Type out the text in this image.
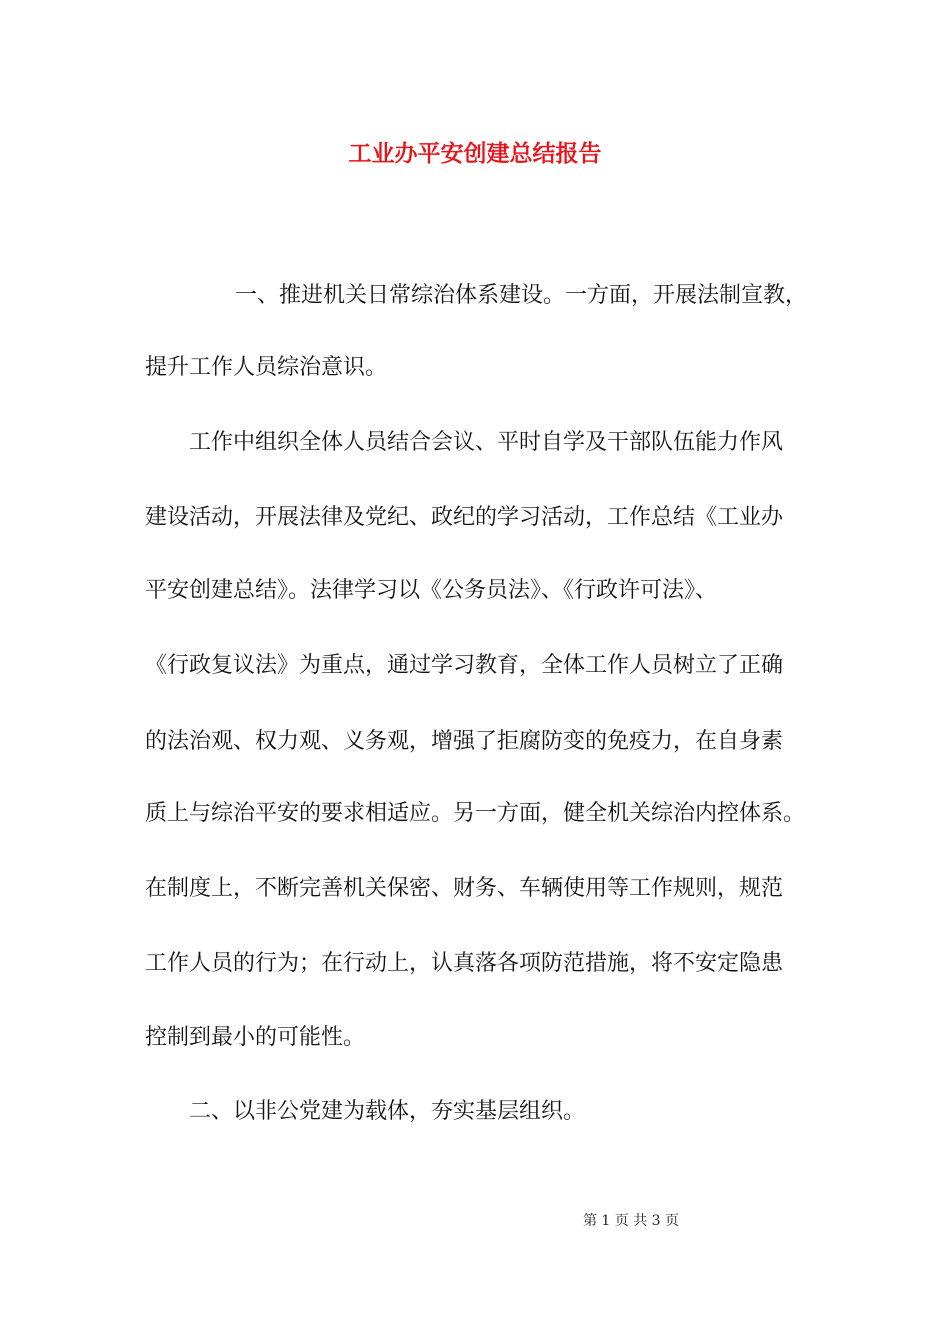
工业办平安创建总结报告
一、推进机关日常综治体系建设。一方面，开展法制宣教，
提升工作人员综治意识。
工作中组织全体人员结合会议、平时自学及干部队伍能力作风
建设活动，开展法律及党纪、政纪的学习活动，工作总结《工业办
平安创建总结》。法律学习以《公务员法》、《行政许可法》、
《行政复议法》为重点，通过学习教育，全体工作人员树立了正确
的法治观、权力观、义务观，增强了拒腐防变的免疫力，在自身素
质上与综治平安的要求相适应。另一方面，健全机关综治内控体系。
在制度上，不断完善机关保密、财务、车辆使用等工作规则，规范
工作人员的行为；在行动上，认真落各项防范措施，将不安定隐患
控制到最小的可能性。
二、以非公党建为载体，夯实基层组织。
第 1 页 共 3 页
